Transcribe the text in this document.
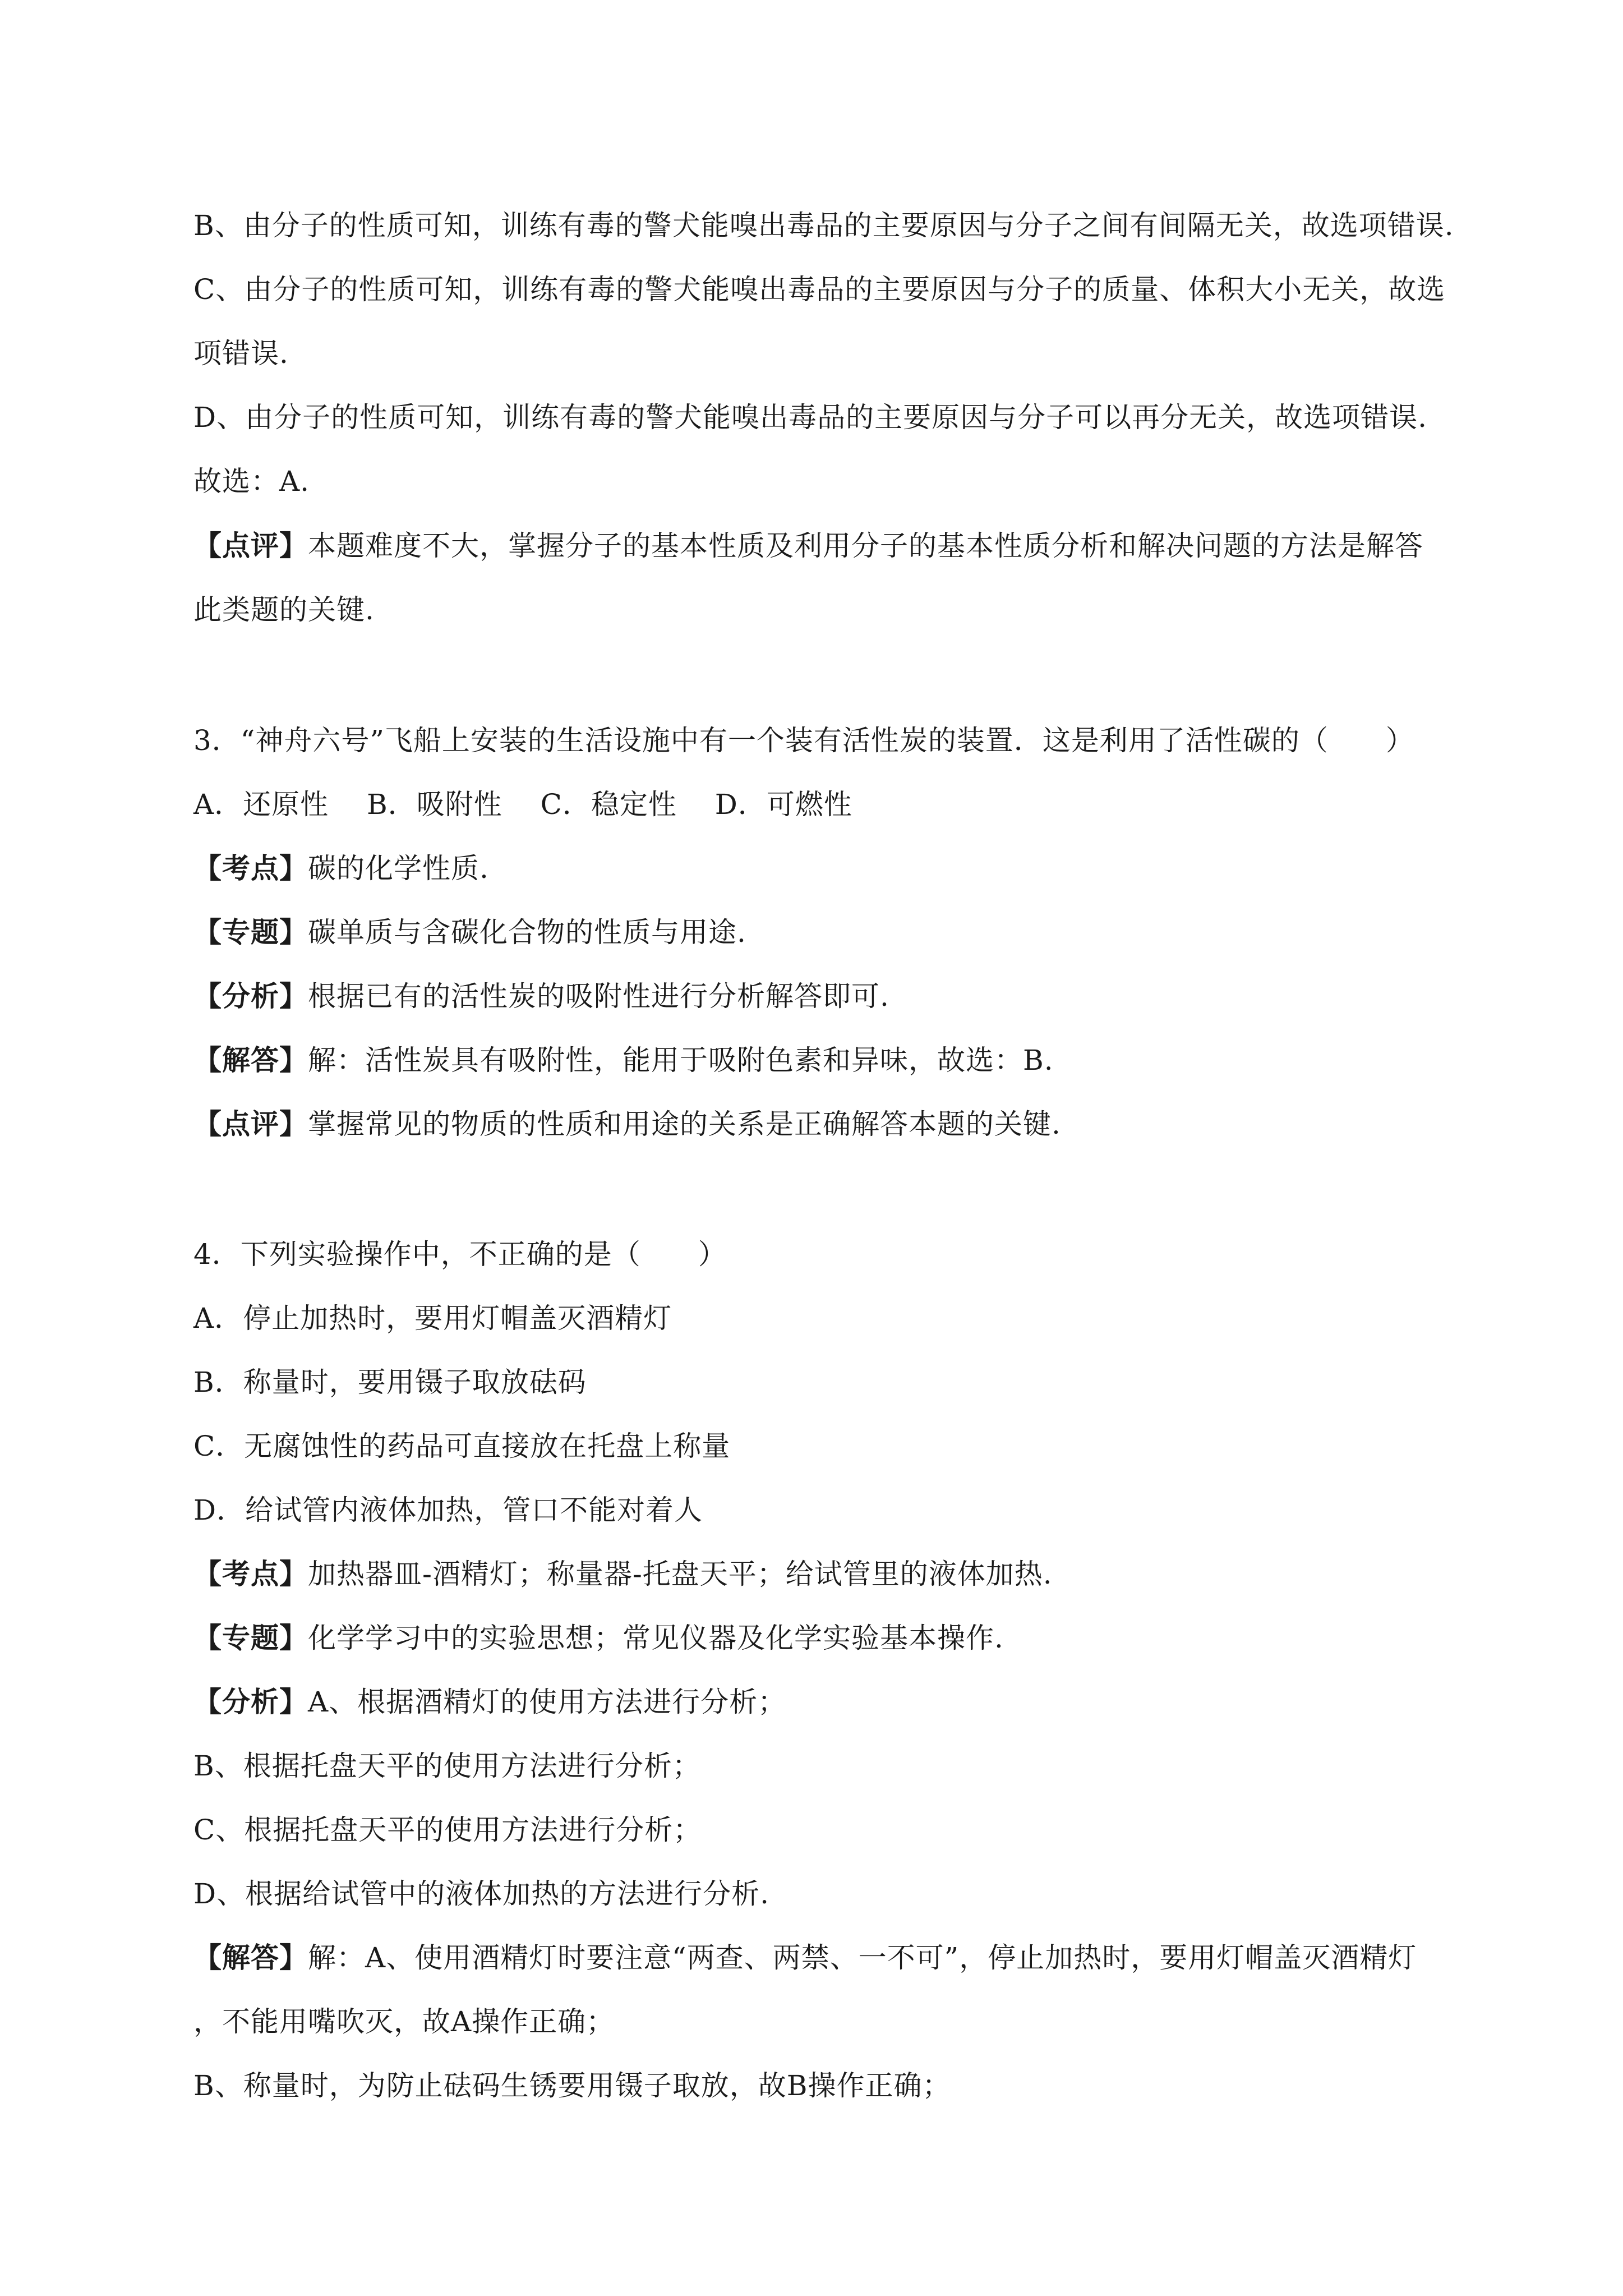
B、由分子的性质可知，训练有毒的警犬能嗅出毒品的主要原因与分子之间有间隔无关，故选项错误.
C、由分子的性质可知，训练有毒的警犬能嗅出毒品的主要原因与分子的质量、体积大小无关，故选
项错误.
D、由分子的性质可知，训练有毒的警犬能嗅出毒品的主要原因与分子可以再分无关，故选项错误.
故选：A.
【点评】本题难度不大，掌握分子的基本性质及利用分子的基本性质分析和解决问题的方法是解答
此类题的关键.
3．“神舟六号”飞船上安装的生活设施中有一个装有活性炭的装置．这是利用了活性碳的（　　）
A．还原性　 B．吸附性　 C．稳定性　 D．可燃性
【考点】碳的化学性质.
【专题】碳单质与含碳化合物的性质与用途.
【分析】根据已有的活性炭的吸附性进行分析解答即可.
【解答】解：活性炭具有吸附性，能用于吸附色素和异味，故选：B.
【点评】掌握常见的物质的性质和用途的关系是正确解答本题的关键.
4．下列实验操作中，不正确的是（　　）
A．停止加热时，要用灯帽盖灭酒精灯
B．称量时，要用镊子取放砝码
C．无腐蚀性的药品可直接放在托盘上称量
D．给试管内液体加热，管口不能对着人
【考点】加热器皿-酒精灯；称量器-托盘天平；给试管里的液体加热.
【专题】化学学习中的实验思想；常见仪器及化学实验基本操作.
【分析】A、根据酒精灯的使用方法进行分析；
B、根据托盘天平的使用方法进行分析；
C、根据托盘天平的使用方法进行分析；
D、根据给试管中的液体加热的方法进行分析.
【解答】解：A、使用酒精灯时要注意“两查、两禁、一不可”，停止加热时，要用灯帽盖灭酒精灯
，不能用嘴吹灭，故A操作正确；
B、称量时，为防止砝码生锈要用镊子取放，故B操作正确；
